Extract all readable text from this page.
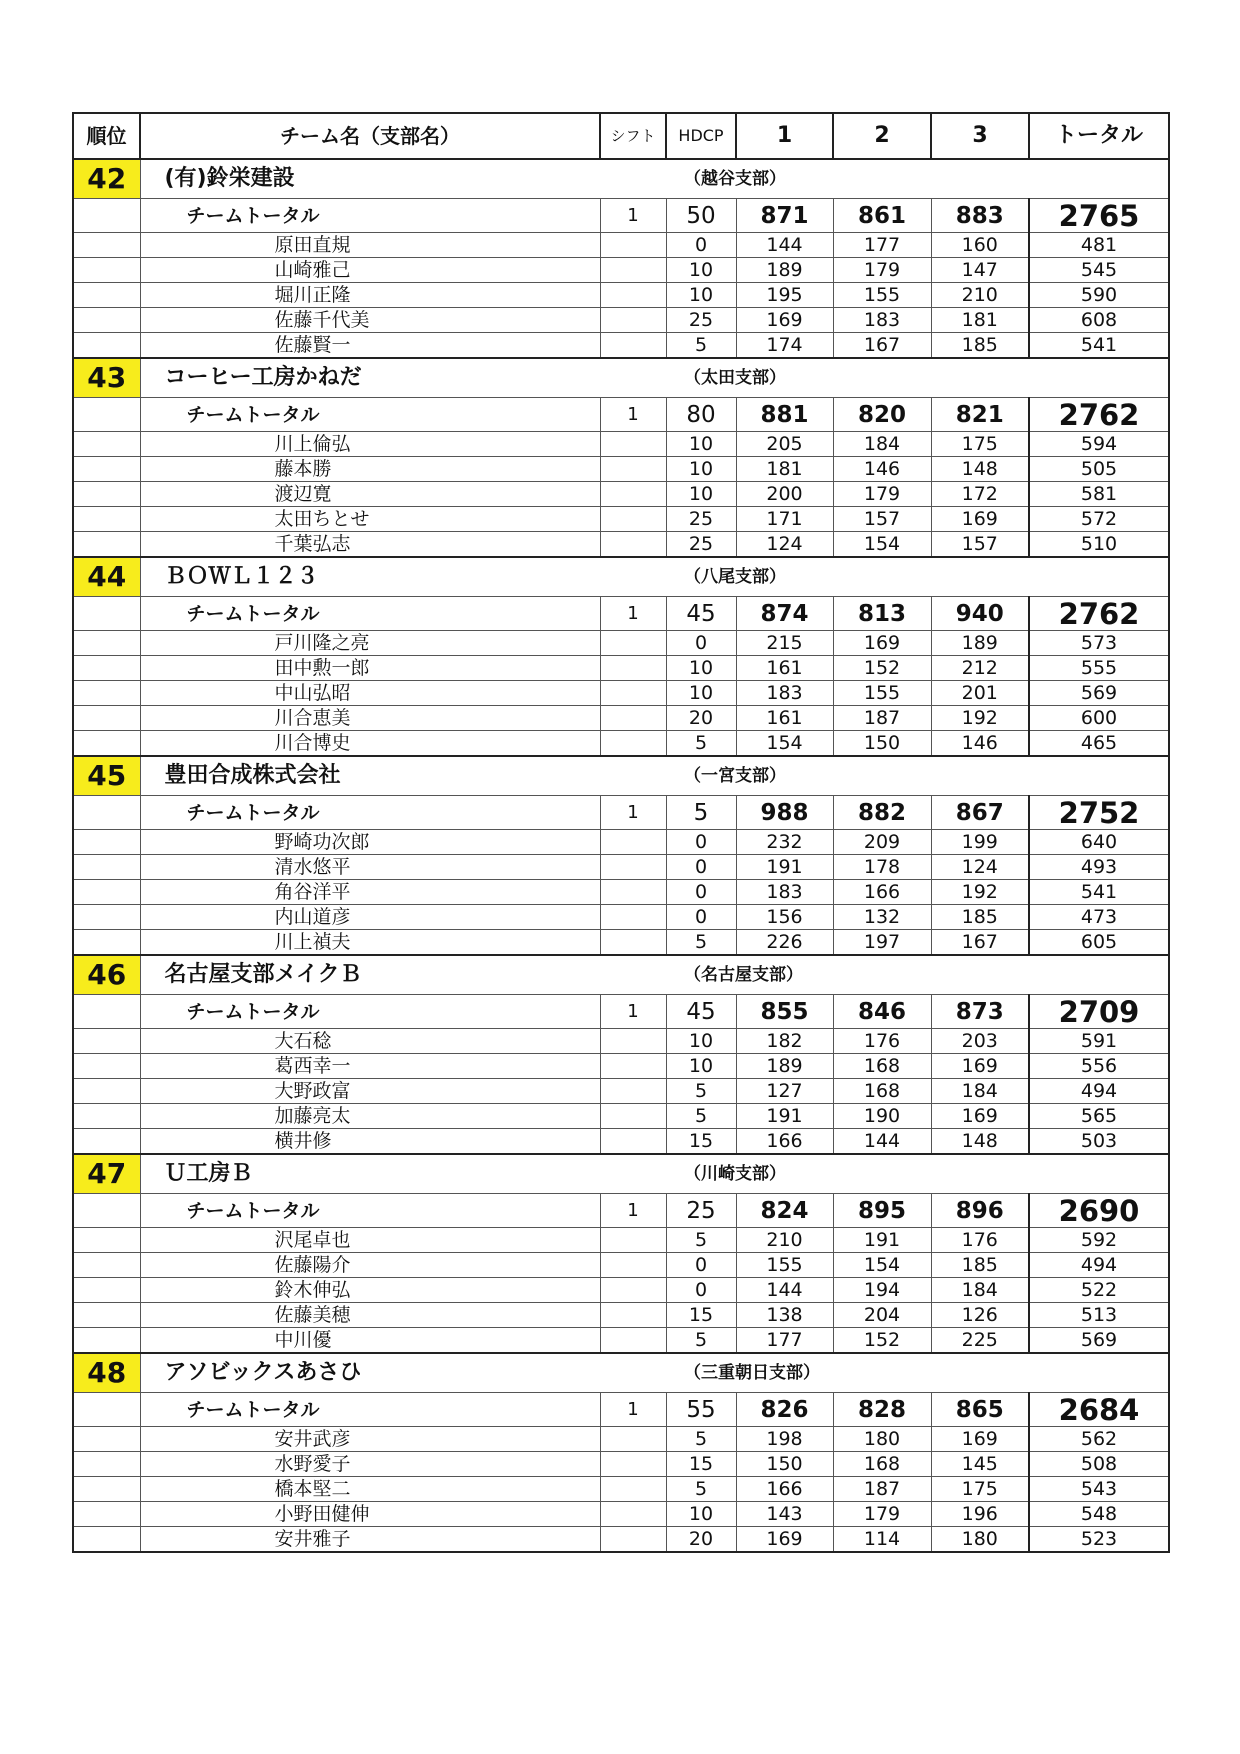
順位	チーム名（支部名）	シフト	HDCP	1	2	3	トータル
42	(有)鈴栄建設		（越谷支部）				
	チームトータル	1	50	871	861	883	2765
	原田直規		0	144	177	160	481
	山崎雅己		10	189	179	147	545
	堀川正隆		10	195	155	210	590
	佐藤千代美		25	169	183	181	608
	佐藤賢一		5	174	167	185	541
43	コーヒー工房かねだ		（太田支部）				
	チームトータル	1	80	881	820	821	2762
	川上倫弘		10	205	184	175	594
	藤本勝		10	181	146	148	505
	渡辺寛		10	200	179	172	581
	太田ちとせ		25	171	157	169	572
	千葉弘志		25	124	154	157	510
44	ＢＯＷＬ１２３		（八尾支部）				
	チームトータル	1	45	874	813	940	2762
	戸川隆之亮		0	215	169	189	573
	田中勲一郎		10	161	152	212	555
	中山弘昭		10	183	155	201	569
	川合恵美		20	161	187	192	600
	川合博史		5	154	150	146	465
45	豊田合成株式会社		（一宮支部）				
	チームトータル	1	5	988	882	867	2752
	野崎功次郎		0	232	209	199	640
	清水悠平		0	191	178	124	493
	角谷洋平		0	183	166	192	541
	内山道彦		0	156	132	185	473
	川上禎夫		5	226	197	167	605
46	名古屋支部メイクＢ		（名古屋支部）				
	チームトータル	1	45	855	846	873	2709
	大石稔		10	182	176	203	591
	葛西幸一		10	189	168	169	556
	大野政富		5	127	168	184	494
	加藤亮太		5	191	190	169	565
	横井修		15	166	144	148	503
47	Ｕ工房Ｂ		（川崎支部）				
	チームトータル	1	25	824	895	896	2690
	沢尾卓也		5	210	191	176	592
	佐藤陽介		0	155	154	185	494
	鈴木伸弘		0	144	194	184	522
	佐藤美穂		15	138	204	126	513
	中川優		5	177	152	225	569
48	アソビックスあさひ		（三重朝日支部）				
	チームトータル	1	55	826	828	865	2684
	安井武彦		5	198	180	169	562
	水野愛子		15	150	168	145	508
	橋本堅二		5	166	187	175	543
	小野田健伸		10	143	179	196	548
	安井雅子		20	169	114	180	523
